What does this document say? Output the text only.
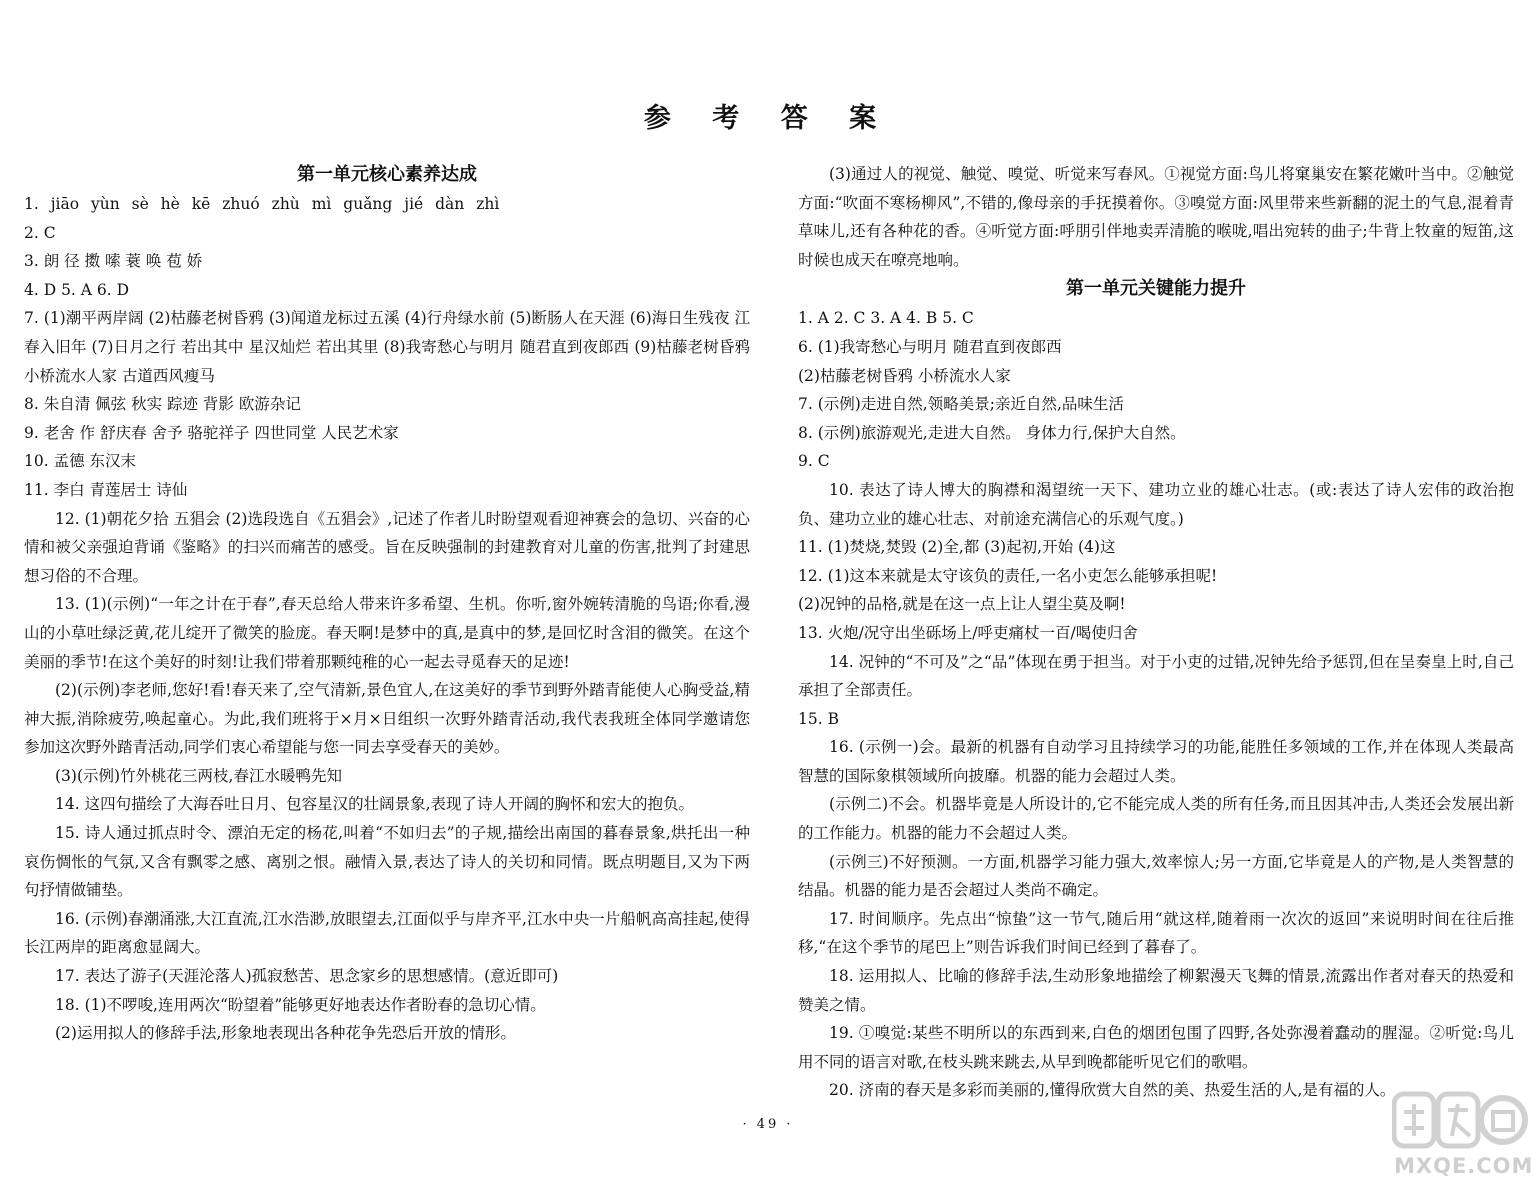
参 考 答 案
第一单元核心素养达成

1. jiāo yùn sè hè kē zhuó zhù mì guǎng jié dàn zhì

2. C

3. 朗 径 擞 嗦 蓑 唤 苞 娇

4. D 5. A 6. D

7. (1)潮平两岸阔 (2)枯藤老树昏鸦 (3)闻道龙标过五溪 (4)行舟绿水前 (5)断肠人在天涯 (6)海日生残夜 江春入旧年 (7)日月之行 若出其中 星汉灿烂 若出其里 (8)我寄愁心与明月 随君直到夜郎西 (9)枯藤老树昏鸦 小桥流水人家 古道西风瘦马

8. 朱自清 佩弦 秋实 踪迹 背影 欧游杂记

9. 老舍 作 舒庆春 舍予 骆驼祥子 四世同堂 人民艺术家

10. 孟德 东汉末

11. 李白 青莲居士 诗仙

12. (1)朝花夕拾 五猖会 (2)选段选自《五猖会》,记述了作者儿时盼望观看迎神赛会的急切、兴奋的心情和被父亲强迫背诵《鉴略》的扫兴而痛苦的感受。旨在反映强制的封建教育对儿童的伤害,批判了封建思想习俗的不合理。

13. (1)(示例)“一年之计在于春”,春天总给人带来许多希望、生机。你听,窗外婉转清脆的鸟语;你看,漫山的小草吐绿泛黄,花儿绽开了微笑的脸庞。春天啊!是梦中的真,是真中的梦,是回忆时含泪的微笑。在这个美丽的季节!在这个美好的时刻!让我们带着那颗纯稚的心一起去寻觅春天的足迹!

(2)(示例)李老师,您好!看!春天来了,空气清新,景色宜人,在这美好的季节到野外踏青能使人心胸受益,精神大振,消除疲劳,唤起童心。为此,我们班将于×月×日组织一次野外踏青活动,我代表我班全体同学邀请您参加这次野外踏青活动,同学们衷心希望能与您一同去享受春天的美妙。

(3)(示例)竹外桃花三两枝,春江水暖鸭先知

14. 这四句描绘了大海吞吐日月、包容星汉的壮阔景象,表现了诗人开阔的胸怀和宏大的抱负。

15. 诗人通过抓点时令、漂泊无定的杨花,叫着“不如归去”的子规,描绘出南国的暮春景象,烘托出一种哀伤惆怅的气氛,又含有飘零之感、离别之恨。融情入景,表达了诗人的关切和同情。既点明题目,又为下两句抒情做铺垫。

16. (示例)春潮涌涨,大江直流,江水浩渺,放眼望去,江面似乎与岸齐平,江水中央一片船帆高高挂起,使得长江两岸的距离愈显阔大。

17. 表达了游子(天涯沦落人)孤寂愁苦、思念家乡的思想感情。(意近即可)

18. (1)不啰唆,连用两次“盼望着”能够更好地表达作者盼春的急切心情。

(2)运用拟人的修辞手法,形象地表现出各种花争先恐后开放的情形。

(3)通过人的视觉、触觉、嗅觉、听觉来写春风。①视觉方面:鸟儿将窠巢安在繁花嫩叶当中。②触觉方面:“吹面不寒杨柳风”,不错的,像母亲的手抚摸着你。③嗅觉方面:风里带来些新翻的泥土的气息,混着青草味儿,还有各种花的香。④听觉方面:呼朋引伴地卖弄清脆的喉咙,唱出宛转的曲子;牛背上牧童的短笛,这时候也成天在嘹亮地响。

第一单元关键能力提升

1. A 2. C 3. A 4. B 5. C

6. (1)我寄愁心与明月 随君直到夜郎西

(2)枯藤老树昏鸦 小桥流水人家

7. (示例)走进自然,领略美景;亲近自然,品味生活

8. (示例)旅游观光,走进大自然。 身体力行,保护大自然。

9. C

10. 表达了诗人博大的胸襟和渴望统一天下、建功立业的雄心壮志。(或:表达了诗人宏伟的政治抱负、建功立业的雄心壮志、对前途充满信心的乐观气度。)

11. (1)焚烧,焚毁 (2)全,都 (3)起初,开始 (4)这

12. (1)这本来就是太守该负的责任,一名小吏怎么能够承担呢!

(2)况钟的品格,就是在这一点上让人望尘莫及啊!

13. 火炮/况守出坐砾场上/呼吏痛杖一百/喝使归舍

14. 况钟的“不可及”之“品”体现在勇于担当。对于小吏的过错,况钟先给予惩罚,但在呈奏皇上时,自己承担了全部责任。

15. B

16. (示例一)会。最新的机器有自动学习且持续学习的功能,能胜任多领域的工作,并在体现人类最高智慧的国际象棋领域所向披靡。机器的能力会超过人类。

(示例二)不会。机器毕竟是人所设计的,它不能完成人类的所有任务,而且因其冲击,人类还会发展出新的工作能力。机器的能力不会超过人类。

(示例三)不好预测。一方面,机器学习能力强大,效率惊人;另一方面,它毕竟是人的产物,是人类智慧的结晶。机器的能力是否会超过人类尚不确定。

17. 时间顺序。先点出“惊蛰”这一节气,随后用“就这样,随着雨一次次的返回”来说明时间在往后推移,“在这个季节的尾巴上”则告诉我们时间已经到了暮春了。

18. 运用拟人、比喻的修辞手法,生动形象地描绘了柳絮漫天飞舞的情景,流露出作者对春天的热爱和赞美之情。

19. ①嗅觉:某些不明所以的东西到来,白色的烟团包围了四野,各处弥漫着蠢动的腥湿。②听觉:鸟儿用不同的语言对歌,在枝头跳来跳去,从早到晚都能听见它们的歌唱。

20. 济南的春天是多彩而美丽的,懂得欣赏大自然的美、热爱生活的人,是有福的人。

· 49 ·
MXQE.COM
